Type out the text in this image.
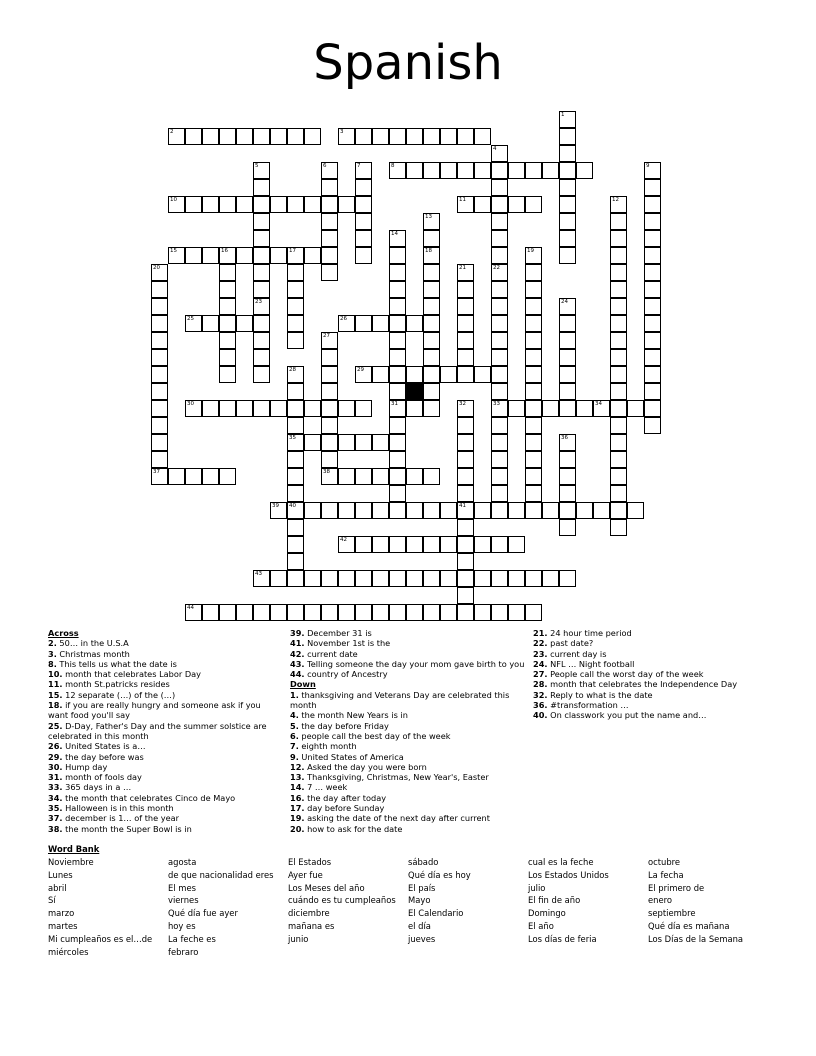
Spanish
1
4
5	6	7	9
12
13
18
14
31
16	17	19
20
37
21	22
33
23	24
27
38
28
35
40
32
41
36
2	3
8
10	11
15
25	26
29
30	34
39
42
43
44
Across
2. 50… in the U.S.A
3. Christmas month
8. This tells us what the date is
10. month that celebrates Labor Day
11. month St.patricks resides
15. 12 separate (…) of the (…)
18. if you are really hungry and someone ask if you want food you'll say
25. D-Day, Father's Day and the summer solstice are celebrated in this month
26. United States is a…
29. the day before was
30. Hump day
31. month of fools day
33. 365 days in a …
34. the month that celebrates Cinco de Mayo
35. Halloween is in this month
37. december is 1… of the year
38. the month the Super Bowl is in
39. December 31 is
41. November 1st is the
42. current date
43. Telling someone the day your mom gave birth to you
44. country of Ancestry
Down
1. thanksgiving and Veterans Day are celebrated this month
4. the month New Years is in
5. the day before Friday
6. people call the best day of the week
7. eighth month
9. United States of America
12. Asked the day you were born
13. Thanksgiving, Christmas, New Year's, Easter
14. 7 … week
16. the day after today
17. day before Sunday
19. asking the date of the next day after current
20. how to ask for the date
21. 24 hour time period
22. past date?
23. current day is
24. NFL … Night football
27. People call the worst day of the week
28. month that celebrates the Independence Day
32. Reply to what is the date
36. #transformation …
40. On classwork you put the name and…
Word Bank
Noviembre
Lunes
abril
Sí
marzo
martes
Mi cumpleaños es el…de
miércoles
agosta
de que nacionalidad eres
El mes
viernes
Qué día fue ayer
hoy es
La feche es
febraro
El Estados
Ayer fue
Los Meses del año
cuándo es tu cumpleaños
diciembre
mañana es
junio
sábado
Qué día es hoy
El país
Mayo
El Calendario
el día
jueves
cual es la feche
Los Estados Unidos
julio
El fin de año
Domingo
El año
Los días de feria
octubre
La fecha
El primero de
enero
septiembre
Qué día es mañana
Los Días de la Semana
